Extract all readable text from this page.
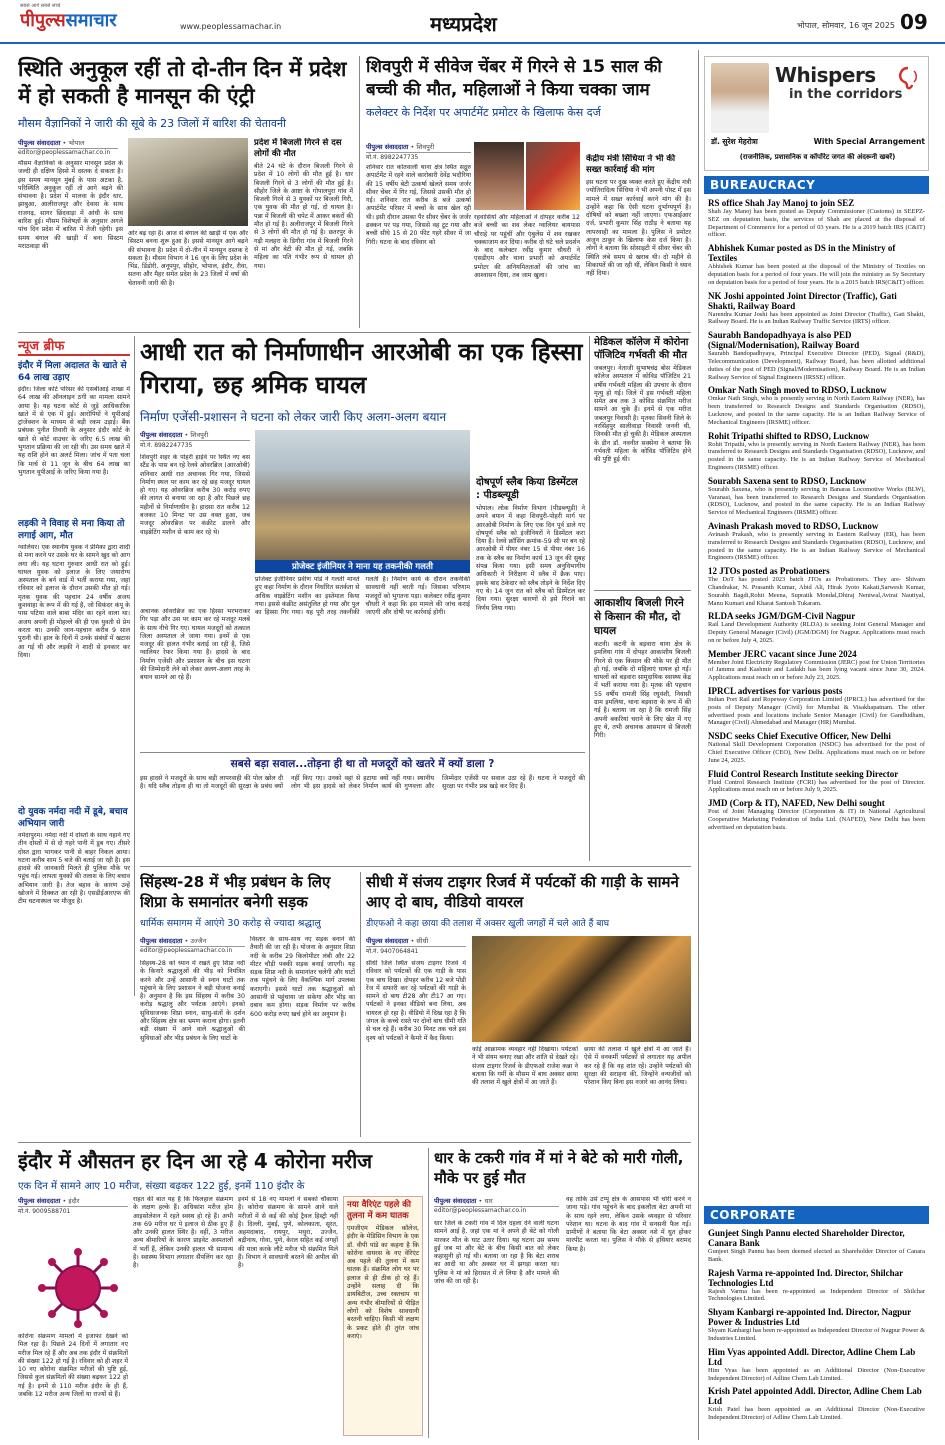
पीपुल्ससमाचार
सबसे आगे सबसे सच्चे
www.peoplessamachar.in	मध्यप्रदेश	भोपाल, सोमवार, 16 जून 2025 09
स्थिति अनुकूल रहीं तो दो-तीन दिन में प्रदेश में हो सकती है मानसून की एंट्री
मौसम वैज्ञानिकों ने जारी की सूबे के 23 जिलों में बारिश की चेतावनी
पीपुल्स संवाददाता • भोपाल
editor@peoplessamachar.co.in
मौसम वैज्ञानिकों के अनुसार मानसून प्रदेश के जल्दी ही दक्षिण हिस्से में दस्तक दे सकता है। इस समय मानसून मुंबई के पास अटका है, परिस्थिति अनुकूल रहीं तो आगे बढ़ने की संभावना है। प्रदेश में मालवा के इंदौर धार, झाबुआ, आलीराजपुर और देवास के साथ राजगढ़, सागर छिंदवाड़ा में आंधी के साथ बारिश हुई। मौसम विशेषज्ञों के अनुसार अगले पांच दिन प्रदेश में बारिश में तेजी रहेगी। इस समय बंगाल की खाड़ी में बना सिस्टम मराठवाड़ा की
ओर बढ़ रहा है। आज से बंगाल की खाड़ी में एक और सिस्टम बनना शुरू हुआ है। इससे मानसून आगे बढ़ने की संभावना है। प्रदेश में दो-तीन में मानसून दस्तक दे सकता है। मौसम विभाग ने 16 जून के लिए प्रदेश के भिंड, डिंडोरी, अनूपपुर, सीहोर, भोपाल, इंदौर, रीवा, सतना और मैहर समेत प्रदेश के 23 जिलों में वर्षा की चेतावनी जारी की है।
प्रदेश में बिजली गिरने से दस लोगों की मौत
बीते 24 घंटे के दौरान बिजली गिरने से प्रदेश में 10 लोगों की मौत हुई है। धार बिजली गिरने से 3 लोगों की मौत हुई है। सीहोर जिले के आष्टा के गोपालपुरा गांव में बिजली गिरने से 3 युवकों पर बिजली गिरी, एक युवक की मौत हो गई, दो घायल है। पन्ना में बिजली की चपेट में आकर बकरों की मौत हो गई है। अलीराजपुर में बिजली गिरने से 3 लोगों की मौत हो गई है। छतरपुर के गढ़ी मलहरा के डिगौरा गांव में बिजली गिरने से मां और बेटी की मौत हो गई, जबकि महिला का पति गंभीर रूप से घायल हो गया।
शिवपुरी में सीवेज चेंबर में गिरने से 15 साल की बच्ची की मौत, महिलाओं ने किया चक्का जाम
कलेक्टर के निर्देश पर अपार्टमेंट प्रमोटर के खिलाफ केस दर्ज
पीपुल्स संवाददाता • शिवपुरी
मो.नं. 8982247735
शनिवार रात कोतवाली थाना क्षेत्र स्थित सद्गुरु अपार्टमेंट में रहने वाले कारोबारी देवेंद्र भदौरिया की 15 वर्षीय बेटी उत्कर्षा खेलते समय जर्जर सीवर चेंबर में गिर गई, जिससे उसकी मौत हो गई। शनिवार रात करीब 8 बजे उत्कर्षा अपार्टमेंट परिसर में बच्चों के साथ खेल रही थी। इसी दौरान उसका पैर सीवर चेंबर के जर्जर ढक्कन पर पड़ गया, जिससे वह टूट गया और बच्ची सीधे 15 से 20 फीट गहरे सीवर में जा गिरी। घटना के बाद रविवार को
रहवासियों और महिलाओं ने दोपहर करीब 12 बजे बच्ची का शव लेकर ग्वालियर बायपास चौराहे पर पहुंचीं और एंबुलेंस में शव रखकर चक्काजाम कर दिया। करीब दो घंटे चले प्रदर्शन के बाद कलेक्टर रवींद्र कुमार चौधरी ने एसडीएम और थाना प्रभारी को अपार्टमेंट प्रमोटर की अनियमितताओं की जांच का आश्वासन दिया, तब जाम खुला।
केंद्रीय मंत्री सिंधिया ने भी की सख्त कार्रवाई की मांग
इस घटना पर दुख व्यक्त करते हुए केंद्रीय मंत्री ज्योतिरादित्य सिंधिया ने भी अपनी पोस्ट में इस मामले में सख्त कार्रवाई करने मांग की है। उन्होंने कहा कि ऐसी घटना दुर्भाग्यपूर्ण है। दोषियों को बख्शा नहीं जाएगा। एफआईआर दर्ज, प्रभारी कुमार सिंह राठौड़ ने बताया यह लापरवाही का मामला है। पुलिस ने प्रमोटर अजुन ठाकुर के खिलाफ केस दर्ज किया है। लोगों ने बताया कि सोसाइटी में सीवर चेंबर की स्थिति लंबे समय से खराब थी। दो महीने से शिकायतें की जा रही थीं, लेकिन किसी ने ध्यान नहीं दिया।
न्यूज ब्रीफ
इंदौर में मिला अदालत के खाते से 64 लाख उड़ाए
इंदौर। जिला कोर्ट परिसर की एसबीआई शाखा में 64 लाख की ऑनलाइन ठगी का मामला सामने आया है। यह घटना कोर्ट से जुड़े आधिकारिक खाते में से एक में हुई। आरोपियों ने यूपीआई ट्रांजेक्शन के माध्यम से बड़ी रकम उड़ाई। बैंक प्रबंधक पुनीत तिवारी के अनुसार इंदौर कोर्ट के खाते से कोर्ट वाउचर के जरिए 6.5 लाख की भुगतान प्रक्रिया की जा रही थी। उस समय खाते में यह राशि होने का अलर्ट मिला। जांच में पता चला कि मार्च से 11 जून के बीच 64 लाख का भुगतान यूपीआई के जरिए किया गया है।
लड़की ने विवाह से मना किया तो लगाई आग, मौत
ग्वालियर। एक स्थानीय युवक ने प्रेमिका द्वारा शादी से मना करने पर उसके घर के सामने खुद को आग लगा ली। यह घटना गुरुवार आधी रात को हुई। घायल युवक को इलाज के लिए जयारोग्य अस्पताल के बर्न वार्ड में भर्ती कराया गया, जहां रविवार को इलाज के दौरान उसकी मौत हो गई। मृतक युवक की पहचान 24 वर्षीय अजय कुशवाहा के रूप में की गई है, जो सिकंदर कंपू के पास पटिया वाले बाबा मंदिर का रहने वाला था। अजय अपनी ही मोहल्ले की ही एक युवती से प्रेम करता था। उनकी जान-पहचान करीब 9 साल पुरानी थी। हाल के दिनों में उनके संबंधों में खटास आ गई थी और लड़की ने शादी से इनकार कर दिया।
दो युवक नर्मदा नदी में डूबे, बचाव अभियान जारी
नर्मदापुरम। नर्मदा नदी में दोस्तों के साथ नहाने गए तीन दोस्तों में से दो गहरे पानी में डूब गए। तीसरे दोस्त द्वारा भागकर पानी से बाहर निकल आया। घटना करीब शाम 5 बजे की बताई जा रही है। इस हादसे की जानकारी मिलते ही पुलिस मौके पर पहुंच गई। लापता युवकों की तलाश के लिए बचाव अभियान जारी है। तेज बहाव के कारण उन्हें खोजने में दिक्कत आ रही है। एसडीईआरएफ की टीम घटनास्थल पर मौजूद है।
आधी रात को निर्माणाधीन आरओबी का एक हिस्सा गिराया, छह श्रमिक घायल
निर्माण एजेंसी-प्रशासन ने घटना को लेकर जारी किए अलग-अलग बयान
पीपुल्स संवाददाता • शिवपुरी
मो.नं. 8982247735
प्रोजेक्ट इंजीनियर ने माना यह तकनीकी गलती
शिवपुरी शहर के पोहरी हाईवे पर स्थित नए बस स्टैंड के पास बन रहे रेलवे ओवरब्रिज (आरओबी) शनिवार आधी रात अचानक गिर गया, जिससे निर्माण स्थल पर काम कर रहे छह मजदूर घायल हो गए। यह ओवरब्रिज करीब 30 करोड़ रुपए की लागत से बनाया जा रहा है और पिछले छह महीनों से निर्माणाधीन है। हादसा रात करीब 12 बजकर 10 मिनट पर उस वक्त हुआ, जब मजदूर ओवरब्रिज पर कंक्रीट डालने और वाइब्रेटिंग मशीन से काम कर रहे थे।
अचानक ओवरब्रिज का एक हिस्सा भरभराकर गिर पड़ा और उस पर काम कर रहे मजदूर मलबे के साथ नीचे गिर गए। घायल मजदूरों को तत्काल जिला अस्पताल ले जाया गया। इनमें से एक मजदूर की हालत गंभीर बताई जा रही है, जिसे ग्वालियर रेफर किया गया है। हादसे के बाद निर्माण एजेंसी और प्रशासन के बीच इस घटना की जिम्मेदारी लेने को लेकर अलग-अलग तरह के बयान सामने आ रहे हैं।
प्रोजेक्ट इंजीनियर प्रवीण पांडे ने गलती मानते हुए कहा निर्माण के दौरान निर्धारित सतर्कता से अधिक वाइब्रेटिंग मशीन का इस्तेमाल किया गया। इससे कंक्रीट असंतुलित हो गया और पुल का हिस्सा गिर गया। यह पूरी तरह तकनीकी गलती है। निर्माण कार्य के दौरान तकनीकी सावधानी नहीं बरती गई। जिसका परिणाम मजदूरों को भुगतना पड़ा। कलेक्टर रवींद्र कुमार चौधरी ने कहा कि इस मामले की जांच कराई जाएगी और दोषी पर कार्रवाई होगी।
दोषपूर्ण स्लैब किया डिस्मेंटल : पीडब्ल्यूडी
भोपाल। लोक निर्माण विभाग (पीडब्ल्यूडी) ने अपने बयान में कहा शिवपुरी-पोहरी मार्ग पर आरओबी निर्माण के लिए एक दिन पूर्व डाले गए दोषपूर्ण स्लैब को इंजीनियरों ने डिस्मेंटल करा दिया है। रेलवे क्रॉसिंग क्रमांक-59 सी पर बन रहे आरओबी में पीयर नंबर 15 से पीयर नंबर 16 तक के स्लैब का निर्माण कार्य 13 जून की सुबह संपन्न किया गया। इसी समय अनुविभागीय अधिकारी ने निरीक्षण में स्लैब में क्रैक पाए। इसके बाद ठेकेदार को स्लैब तोड़ने के निर्देश दिए गए थे। 14 जून रात को स्लैब को डिस्मेंटल कर दिया गया। सुरक्षा कारणों से इसे गिराने का निर्णय लिया गया।
सबसे बड़ा सवाल...तोड़ना ही था तो मजदूरों को खतरे में क्यों डाला ?
इस हादसे ने मजदूरों के साथ बड़ी लापरवाही की पोल खोल दी है। यदि स्लैब तोड़ना ही था तो मजदूरों की सुरक्षा के प्रबंध क्यों नहीं किए गए। उनको वहां से हटाया क्यों नहीं गया। स्थानीय लोग भी इस हादसे को लेकर निर्माण कार्य की गुणवत्ता और जिम्मेदार एजेंसी पर सवाल उठा रहे हैं। घटना ने मजदूरों की सुरक्षा पर गंभीर प्रश्न खड़े कर दिए हैं।
मेडिकल कॉलेज में कोरोना पॉजिटिव गर्भवती की मौत
जबलपुर। नेताजी सुभाषचंद्र बोस मेडिकल कॉलेज अस्पताल में कोविड पॉजिटिव 21 वर्षीय गर्भवती महिला की उपचार के दौरान मृत्यु हो गई। जिले में इस गर्भवती महिला समेत अब तक 3 कोविड संक्रमित मरीज सामने आ चुके हैं। इनमें से एक मरीज जबलपुर निवासी है। मृतका सिवनी जिले के नरसिंहपुर सालीवाड़ा निवासी जननी थी, जिनकी मौत हो चुकी है। मेडिकल अस्पताल के डीन डॉ. नवनीत सक्सेना ने बताया कि गर्भवती महिला के कोविड पॉजिटिव होने की पुष्टि हुई थी।
आकाशीय बिजली गिरने से किसान की मौत, दो घायल
कटनी। कटनी के बड़वारा थाना क्षेत्र के इमलिया गांव में दोपहर आकाशीय बिजली गिरने से एक किसान की मौके पर ही मौत हो गई, जबकि दो महिलाएं घायल हो गईं। घायलों को बड़वारा सामुदायिक स्वास्थ्य केंद्र में भर्ती कराया गया है। मृतक की पहचान 55 वर्षीय रामजी सिंह रघुवंशी, निवासी ग्राम इमलिया, थाना बड़वारा के रूप में की गई है। बताया जा रहा है कि रामजी सिंह अपनी बकरियां चराने के लिए खेत में गए हुए थे, तभी अचानक आसमान से बिजली गिरी।
सिंहस्थ-28 में भीड़ प्रबंधन के लिए शिप्रा के समानांतर बनेगी सड़क
धार्मिक समागम में आएंगे 30 करोड़ से ज्यादा श्रद्धालु
पीपुल्स संवाददाता • उज्जैन
editor@peoplessamachar.co.in
सिंहस्थ-28 को ध्यान में रखते हुए शिप्रा नदी के किनारे श्रद्धालुओं की भीड़ को नियंत्रित करने और उन्हें आसानी से स्नान घाटों तक पहुंचाने के लिए प्रशासन ने बड़ी योजना बनाई है। अनुमान है कि इस सिंहस्थ में करीब 30 करोड़ श्रद्धालु और पर्यटक आएंगे। इनको सुविधाजनक शिप्रा स्नान, साधु-संतों के दर्शन और सिंहस्थ क्षेत्र का भ्रमण कराना होगा। इतनी बड़ी संख्या में आने वाले श्रद्धालुओं की सुविधाओं और भीड़ प्रबंधन के लिए घाटों के
विस्तार के साथ-साथ नए सड़क बनाने की तैयारी की जा रही है। योजना के अनुसार शिप्रा नदी के करीब 29 किलोमीटर लंबी और 22 मीटर चौड़ी पक्की सड़क बनाई जाएगी। यह सड़क शिप्रा नदी के समानांतर चलेगी और घाटों तक पहुंचने के लिए वैकल्पिक मार्ग उपलब्ध कराएगी। इससे घाटों तक श्रद्धालुओं को आसानी से पहुंचाया जा सकेगा और भीड़ का दबाव कम होगा। सड़क निर्माण पर करीब 600 करोड़ रुपए खर्च होने का अनुमान है।
सीधी में संजय टाइगर रिजर्व में पर्यटकों की गाड़ी के सामने आए दो बाघ, वीडियो वायरल
डीएफओ ने कहा छाया की तलाश में अक्सर खुली जगहों में चले आते हैं बाघ
पीपुल्स संवाददाता • सीधी
मो.नं. 9407064841
सीधी जिले स्थित संजय टाइगर रिजर्व में रविवार को पर्यटकों की एक गाड़ी के पास एक बाघ दिखा। दोपहर करीब 12 बजे पोंडी रेंज में सफारी कर रहे पर्यटकों की गाड़ी के सामने दो बाघ टी28 और टी17 आ गए। पर्यटकों ने इनका वीडियो बना लिया, अब वायरल हो रहा है। वीडियो में दिख रहा है कि जंगल के कच्चे रास्ते पर दोनों बाघ धीमी गति से चल रहे हैं। करीब 30 मिनट तक चले इस दृश्य को पर्यटकों ने कैमरे में कैद किया।
कोई आक्रामक व्यवहार नहीं दिखाया। पर्यटकों ने भी संयम बनाए रखा और शांति से देखते रहे। संजय टाइगर रिजर्व के डीएफओ राजेश कन्ना ने बताया कि गर्मी के मौसम में बाघ अक्सर छाया की तलाश में खुले क्षेत्रों में आ जाते हैं।
छाया की तलाश में खुले क्षेत्रों में आ जाते हैं। ऐसे में वनकर्मी पर्यटकों से लगातार यह अपील कर रहे हैं कि वह शांत रहें। उन्होंने पर्यटकों की सुरक्षा की सराहना की, जिन्होंने वन्यजीवों को परेशान किए बिना इस नजारे का आनंद लिया।
इंदौर में औसतन हर दिन आ रहे 4 कोरोना मरीज
एक दिन में सामने आए 10 मरीज, संख्या बढ़कर 122 हुई, इनमें 110 इंदौर के
पीपुल्स संवाददाता • इंदौर
मो.नं. 9009588701
कोरोना संक्रमण मामलों में इजाफा देखने को मिल रहा है। पिछले 24 दिनों में लगातार नए मरीज मिल रहे हैं और अब तक इंदौर में संक्रमितों की संख्या 122 हो गई है। रविवार को ही शहर में 10 नए कोरोना संक्रमित मरीजों की पुष्टि हुई, जिससे कुल संक्रमितों की संख्या बढ़कर 122 हो गई है। इनमें से 110 मरीज इंदौर के ही हैं, जबकि 12 मरीज अन्य जिलों या राज्यों से हैं।
राहत की बात यह है कि फिलहाल संक्रमण के लक्षण हल्के हैं। अधिकांश मरीज होम आइसोलेशन में रहते स्वस्थ हो रहे हैं। अभी तक 69 मरीज घर पे इलाज से ठीक हुए हैं और उनकी हालत स्थिर है। वहीं, 3 मरीज अन्य बीमारियों के कारण प्राइवेट अस्पतालों में भर्ती हैं, लेकिन उनकी हालत भी सामान्य है। स्वास्थ्य विभाग लगातार सैंपलिंग कर रहा है।
इनमें से 18 नए मामलों ने सबको चौंकाया है। कोरोना संक्रमण के सामने आने वाले मरीजों में से कई की कोई ट्रैवल हिस्ट्री नहीं है। दिल्ली, मुंबई, पुणे, कोलकाता, सूरत, अहमदाबाद, रायपुर, मथुरा, उज्जैन, बद्रीनाथ, गोवा, पुणे, केरल सहित कई जगहों की यात्रा करके लौटे मरीज भी संक्रमित मिले हैं। विभाग ने सावधानी बरतने की अपील की है।
नया वैरिएंट पहले की तुलना में कम घातक
एमजीएम मेडिकल कॉलेज, इंदौर के मेडिसिन विभाग के एक डॉ. वीपी पांडे का कहना है कि कोरोना वायरस के नए वेरिएंट अब पहले की तुलना में कम घातक हैं। संक्रमित लोग घर पर इलाज से ही ठीक हो रहे हैं। उन्होंने सलाह दी कि डायबिटीज, उच्च रक्तचाप या अन्य गंभीर बीमारियों से पीड़ित लोगों को विशेष सावधानी बरतनी चाहिए। किसी भी लक्षण के प्रकट होते ही तुरंत जांच कराएं।
धार के टकरी गांव में मां ने बेटे को मारी गोली, मौके पर हुई मौत
पीपुल्स संवाददाता • धार
editor@peoplessamachar.co.in
धार जिले के टकरी गांव में दिल दहला देने वाली घटना सामने आई है, जहां एक मां ने अपने ही बेटे को गोली मारकर मौत के घाट उतार दिया। यह घटना उस समय हुई जब मां और बेटे के बीच किसी बात को लेकर कहासुनी हो गई थी। बताया जा रहा है कि बेटा शराब का आदी था और अक्सर घर में झगड़ा करता था। पुलिस ने मां को हिरासत में ले लिया है और मामले की जांच की जा रही है।
वह ताकि उसे टप्पू क्षेत्र के आसपास भी चोरी करने न जाना पड़े। गांव पहुंचने के बाद इकलौता बेटा अपनी मां के साथ रहने लगा, लेकिन उसके व्यवहार से परिवार परेशान था। घटना के बाद गांव में सनसनी फैल गई। ग्रामीणों ने बताया कि बेटा अक्सर नशे में धुत होकर मारपीट करता था। पुलिस ने मौके से हथियार बरामद किया है।
Whispers
in the corridors
डॉ. सुरेश मेहरोत्रा	With Special Arrangement
(राजनीतिक, प्रशासनिक व कॉर्पोरेट जगत की अंदरूनी खबरें)
BUREAUCRACY
RS office Shah Jay Manoj to join SEZ
Shah Jay Manoj has been posted as Deputy Commissioner (Customs) in SEEPZ-SEZ on deputation basis, the services of Shah are placed at the disposal of Department of Commerce for a period of 03 years. He is a 2019 batch IRS (C&IT) officer.
Abhishek Kumar posted as DS in the Ministry of Textiles
Abhishek Kumar has been posted at the disposal of the Ministry of Textiles on deputation basis for a period of four years. He will join the ministry as Sy Secretary on deputation basis for a period of four years. He is a 2015 batch IRS(C&IT) officer.
NK Joshi appointed Joint Director (Traffic), Gati Shakti, Railway Board
Narendra Kumar Joshi has been appointed as Joint Director (Traffic), Gati Shakti, Railway Board. He is an Indian Railway Traffic Service (IRTS) officer.
Saurabh Bandopadhyaya is also PED (Signal/Modernisation), Railway Board
Saurabh Bandopadhyaya, Principal Executive Director (PED), Signal (R&D), Telecommunication (Development), Railway Board, has been allotted additional duties of the post of PED (Signal/Modernisation), Railway Board. He is an Indian Railway Service of Signal Engineers (IRSSE) officer.
Omkar Nath Singh moved to RDSO, Lucknow
Omkar Nath Singh, who is presently serving in North Eastern Railway (NER), has been transferred to Research Designs and Standards Organisation (RDSO), Lucknow, and posted in the same capacity. He is an Indian Railway Service of Mechanical Engineers (IRSME) officer.
Rohit Tripathi shifted to RDSO, Lucknow
Rohit Tripathi, who is presently serving in North Eastern Railway (NER), has been transferred to Research Designs and Standards Organisation (RDSO), Lucknow, and posted in the same capacity. He is an Indian Railway Service of Mechanical Engineers (IRSME) officer.
Sourabh Saxena sent to RDSO, Lucknow
Sourabh Saxena, who is presently serving in Banaras Locomotive Works (BLW), Varanasi, has been transferred to Research Designs and Standards Organisation (RDSO), Lucknow, and posted in the same capacity. He is an Indian Railway Service of Mechanical Engineers (IRSME) officer.
Avinash Prakash moved to RDSO, Lucknow
Avinash Prakash, who is presently serving in Eastern Railway (ER), has been transferred to Research Designs and Standards Organisation (RDSO), Lucknow, and posted in the same capacity. He is an Indian Railway Service of Mechanical Engineers (IRSME) officer.
12 JTOs posted as Probationers
The DoT has posted 2023 batch JTOs as Probationers. They are- Shivam Chandrakar, N. Prasanth Kumar, Abid Ali, Hirak Jyoto Kakati,Sarwesh Kumar, Sourabh Bagdi,Rohit Meena, Supratik Mondal,Dhiraj Neniwal,Avirat Nautiyal, Manu Kumari and Kharat Santosh Tukaram.
RLDA seeks JGM/DGM-Civil Nagpur
Rail Land Development Authority (RLDA) is seeking Joint General Manager and Deputy General Manager (Civil) (JGM/DGM) for Nagpur. Applications must reach on or before July 4, 2025.
Member JERC vacant since June 2024
Member Joint Electricity Regulatory Commission (JERC) post for Union Territories of Jammu and Kashmir and Ladakh has been lying vacant since June 30, 2024. Applications must reach on or before July 23, 2025.
IPRCL advertises for various posts
Indian Port Rail and Ropeway Corporation Limited (IPRCL) has advertised for the posts of Deputy Manager (Civil) for Mumbai & Visakhapatnam. The other advertised posts and locations include Senior Manager (Civil) for Gandhidham, Manager (Civil) Ahmedabad and Manager (HR) Mumbai.
NSDC seeks Chief Executive Officer, New Delhi
National Skill Development Corporation (NSDC) has advertised for the post of Chief Executive Officer (CEO), New Delhi. Applications must reach on or before June 24, 2025.
Fluid Control Research Institute seeking Director
Fluid Control Research Institute (FCRI) has advertised for the post of Director. Applications must reach on or before July 9, 2025.
JMD (Corp & IT), NAFED, New Delhi sought
Post of Joint Managing Director (Corporation & IT) in National Agricultural Cooperative Marketing Federation of India Ltd. (NAFED), New Delhi has been advertised on deputation basis.
CORPORATE
Gunjeet Singh Pannu elected Shareholder Director, Canara Bank
Gunjeet Singh Pannu has been deemed elected as Shareholder Director of Canara Bank.
Rajesh Varma re-appointed Ind. Director, Shilchar Technologies Ltd
Rajesh Varma has been re-appointed as Independent Director of Shilchar Technologies Limited.
Shyam Kanbargi re-appointed Ind. Director, Nagpur Power & Industries Ltd
Shyam Kanbargi has been re-appointed as Independent Director of Nagpur Power & Industries Limited.
Him Vyas appointed Addl. Director, Adline Chem Lab Ltd
Him Vyas has been appointed as an Additional Director (Non-Executive Independent Director) of Adline Chem Lab Limited.
Krish Patel appointed Addl. Director, Adline Chem Lab Ltd
Krish Patel has been appointed as an Additional Director (Non-Executive Independent Director) of Adline Chem Lab Limited.
